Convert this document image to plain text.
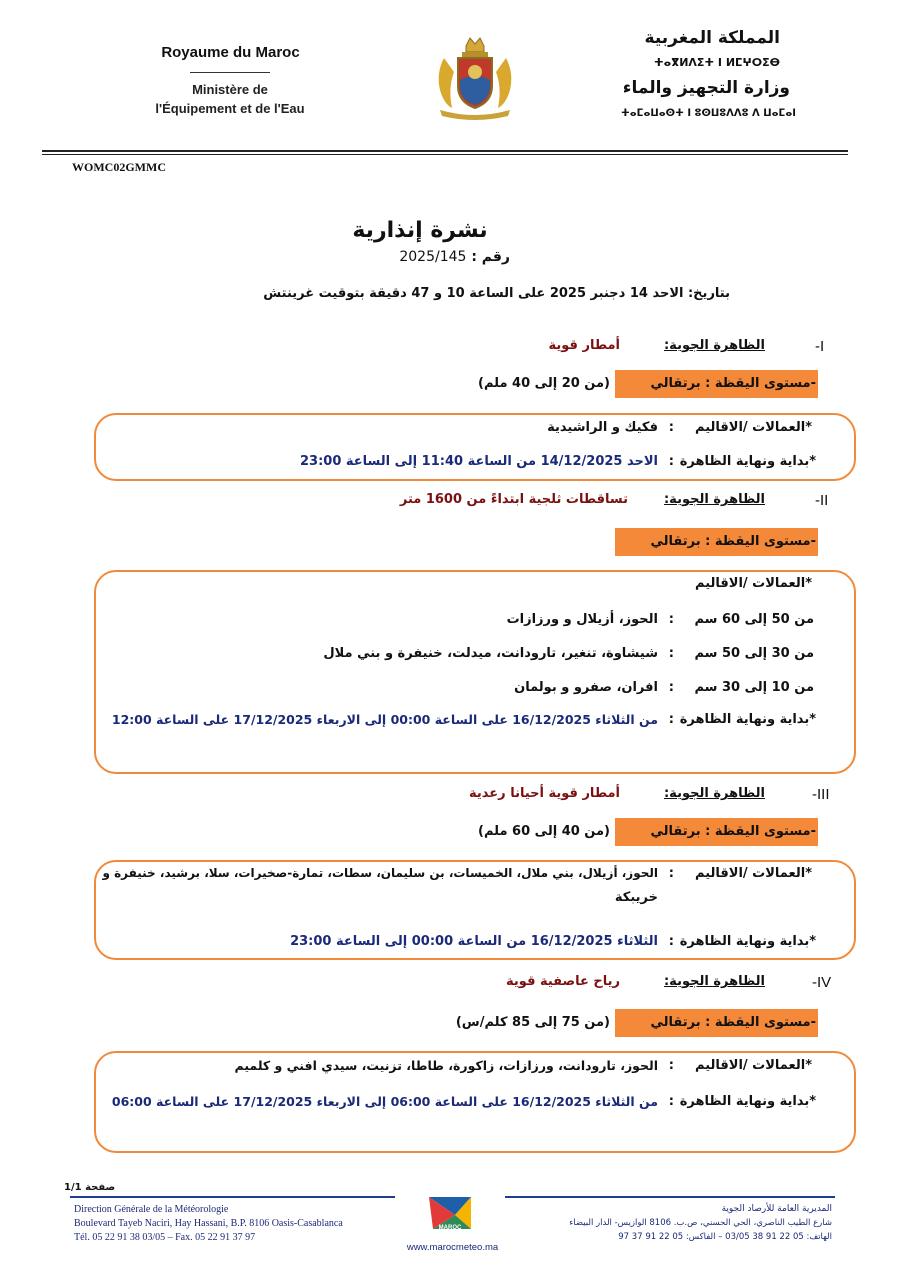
Royaume du Maroc
Ministère de
l'Équipement et de l'Eau
المملكة المغربية
ⵜⴰⴳⵍⴷⵉⵜ ⵏ ⵍⵎⵖⵔⵉⴱ
وزارة التجهيز والماء
ⵜⴰⵎⴰⵡⴰⵙⵜ ⵏ ⵓⵙⵡⵓⴷⴷⵓ ⴷ ⵡⴰⵎⴰⵏ
WOMC02GMMC
نشرة إنذارية
رقم : 2025/145
بتاريخ: الاحد 14 دجنبر 2025 على الساعة 10 و 47 دقيقة بتوقيت غرينتش
-I
الظاهرة الجوية:
أمطار قوية
-مستوى اليقظة : برتقالي
(من 20 إلى 40 ملم)
*العمالات /الاقاليم
:
فكيك و الراشيدية
*بداية ونهاية الظاهرة
:
الاحد 14/12/2025 من الساعة 11:40 إلى الساعة 23:00
-II
الظاهرة الجوية:
تساقطات ثلجية ابتداءً من 1600 متر
-مستوى اليقظة : برتقالي
*العمالات /الاقاليم
من 50 إلى 60 سم
:
الحوز، أزيلال و ورزازات
من 30 إلى 50 سم
:
شيشاوة، تنغير، تارودانت، ميدلت، خنيفرة و بني ملال
من 10 إلى 30 سم
:
افران، صفرو و بولمان
*بداية ونهاية الظاهرة
:
من الثلاثاء 16/12/2025 على الساعة 00:00 إلى الاربعاء 17/12/2025 على الساعة 12:00
-III
الظاهرة الجوية:
أمطار قوية أحيانا رعدية
-مستوى اليقظة : برتقالي
(من 40 إلى 60 ملم)
*العمالات /الاقاليم
:
الحوز، أزيلال، بني ملال، الخميسات، بن سليمان، سطات، تمارة-صخيرات، سلا، برشيد، خنيفرة و
خريبكة
*بداية ونهاية الظاهرة
:
الثلاثاء 16/12/2025 من الساعة 00:00 إلى الساعة 23:00
-IV
الظاهرة الجوية:
رياح عاصفية قوية
-مستوى اليقظة : برتقالي
(من 75 إلى 85 كلم/س)
*العمالات /الاقاليم
:
الحوز، تارودانت، ورزازات، زاكورة، طاطا، تزنيت، سيدي افني و كلميم
*بداية ونهاية الظاهرة
:
من الثلاثاء 16/12/2025 على الساعة 06:00 إلى الاربعاء 17/12/2025 على الساعة 06:00
صفحة 1/1
Direction Générale de la Météorologie
Boulevard Tayeb Naciri, Hay Hassani, B.P. 8106 Oasis-Casablanca
Tél. 05 22 91 38 03/05 – Fax. 05 22 91 37 97
MAROC
www.marocmeteo.ma
المديرية العامة للأرصاد الجوية
شارع الطيب الناصري، الحي الحسني، ص.ب. 8106 الوازيس- الدار البيضاء
الهاتف: 05 22 91 38 03/05 – الفاكس: 05 22 91 37 97
